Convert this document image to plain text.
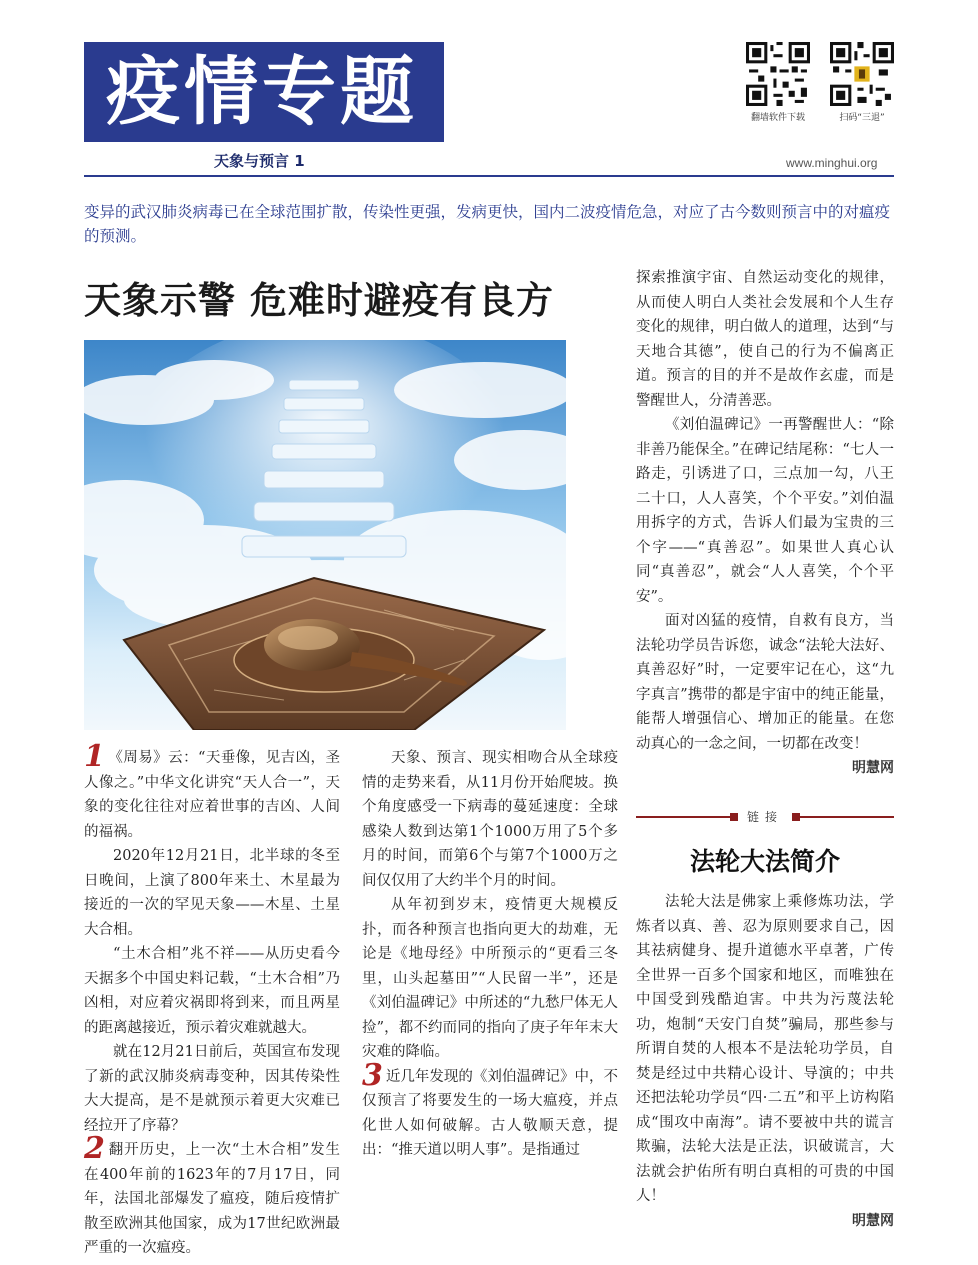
疫情专题
天象与预言 1	www.minghui.org
翻墙软件下载	扫码“三退”

变异的武汉肺炎病毒已在全球范围扩散，传染性更强，发病更快，国内二波疫情危急，对应了古今数则预言中的对瘟疫的预测。

天象示警 危难时避疫有良方

1 《周易》云：“天垂像，见吉凶，圣人像之。”中华文化讲究“天人合一”，天象的变化往往对应着世事的吉凶、人间的福祸。

2020年12月21日，北半球的冬至日晚间，上演了800年来土、木星最为接近的一次的罕见天象——木星、土星大合相。

“土木合相”兆不祥——从历史看今天据多个中国史料记载，“土木合相”乃凶相，对应着灾祸即将到来，而且两星的距离越接近，预示着灾难就越大。

就在12月21日前后，英国宣布发现了新的武汉肺炎病毒变种，因其传染性大大提高，是不是就预示着更大灾难已经拉开了序幕？

2 翻开历史，上一次“土木合相”发生在400年前的1623年的7月17日，同年，法国北部爆发了瘟疫，随后疫情扩散至欧洲其他国家，成为17世纪欧洲最严重的一次瘟疫。

天象、预言、现实相吻合从全球疫情的走势来看，从11月份开始爬坡。换个角度感受一下病毒的蔓延速度：全球感染人数到达第1个1000万用了5个多月的时间，而第6个与第7个1000万之间仅仅用了大约半个月的时间。

从年初到岁末，疫情更大规模反扑，而各种预言也指向更大的劫难，无论是《地母经》中所预示的“更看三冬里，山头起墓田”“人民留一半”，还是《刘伯温碑记》中所述的“九愁尸体无人捡”，都不约而同的指向了庚子年年末大灾难的降临。

3 近几年发现的《刘伯温碑记》中，不仅预言了将要发生的一场大瘟疫，并点化世人如何破解。古人敬顺天意，提出：“推天道以明人事”。是指通过

探索推演宇宙、自然运动变化的规律，从而使人明白人类社会发展和个人生存变化的规律，明白做人的道理，达到“与天地合其德”，使自己的行为不偏离正道。预言的目的并不是故作玄虚，而是警醒世人，分清善恶。

《刘伯温碑记》一再警醒世人：“除非善乃能保全。”在碑记结尾称：“七人一路走，引诱进了口，三点加一勾，八王二十口，人人喜笑，个个平安。”刘伯温用拆字的方式，告诉人们最为宝贵的三个字——“真善忍”。如果世人真心认同“真善忍”，就会“人人喜笑，个个平安”。

面对凶猛的疫情，自救有良方，当法轮功学员告诉您，诚念“法轮大法好、真善忍好”时，一定要牢记在心，这“九字真言”携带的都是宇宙中的纯正能量，能帮人增强信心、增加正的能量。在您动真心的一念之间，一切都在改变！

明慧网
链接
法轮大法简介

法轮大法是佛家上乘修炼功法，学炼者以真、善、忍为原则要求自己，因其祛病健身、提升道德水平卓著，广传全世界一百多个国家和地区，而唯独在中国受到残酷迫害。中共为污蔑法轮功，炮制“天安门自焚”骗局，那些参与所谓自焚的人根本不是法轮功学员，自焚是经过中共精心设计、导演的；中共还把法轮功学员“四·二五”和平上访构陷成“围攻中南海”。请不要被中共的谎言欺骗，法轮大法是正法，识破谎言，大法就会护佑所有明白真相的可贵的中国人！

明慧网
